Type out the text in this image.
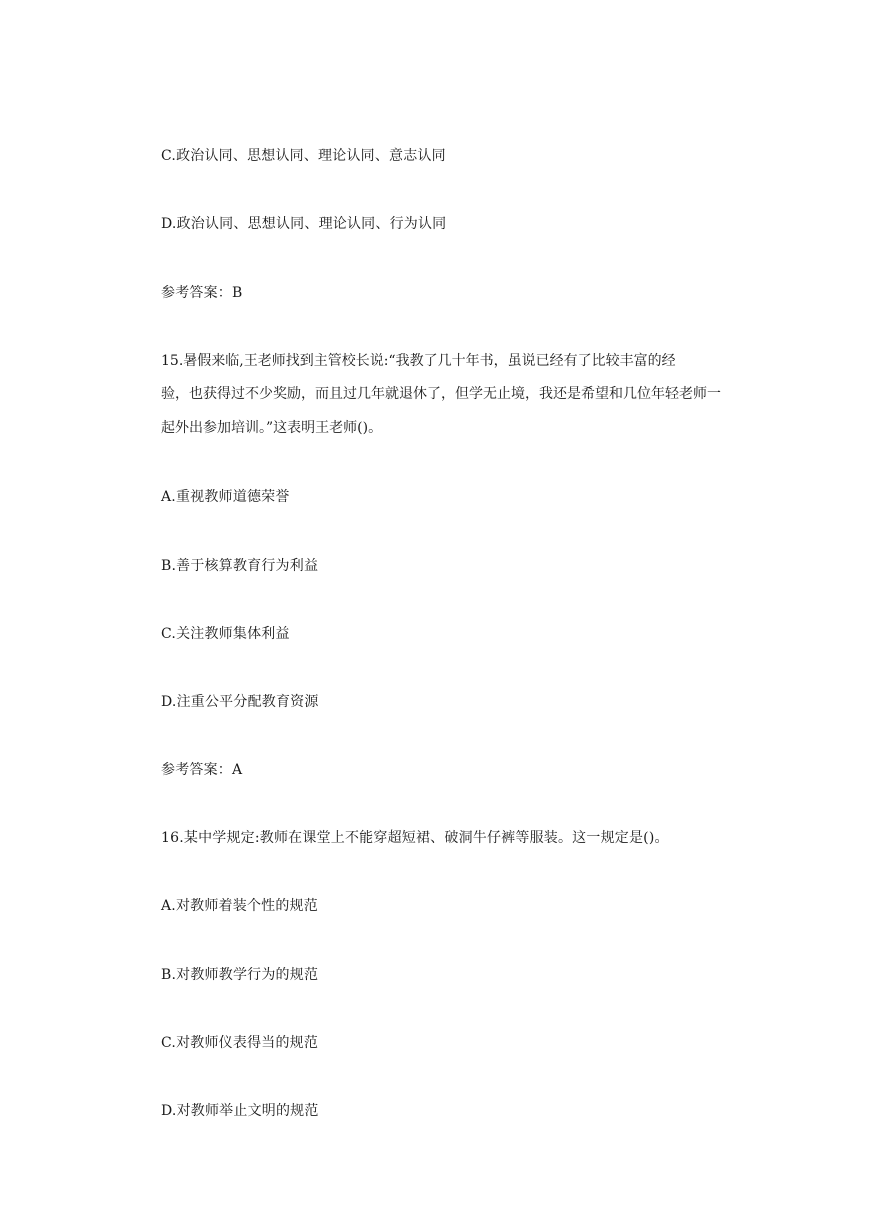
C.政治认同、思想认同、理论认同、意志认同
D.政治认同、思想认同、理论认同、行为认同
参考答案：B
15.暑假来临,王老师找到主管校长说:“我教了几十年书，虽说已经有了比较丰富的经
验，也获得过不少奖励，而且过几年就退休了，但学无止境，我还是希望和几位年轻老师一
起外出参加培训。”这表明王老师()。
A.重视教师道德荣誉
B.善于核算教育行为利益
C.关注教师集体利益
D.注重公平分配教育资源
参考答案：A
16.某中学规定:教师在课堂上不能穿超短裙、破洞牛仔裤等服装。这一规定是()。
A.对教师着装个性的规范
B.对教师教学行为的规范
C.对教师仪表得当的规范
D.对教师举止文明的规范
